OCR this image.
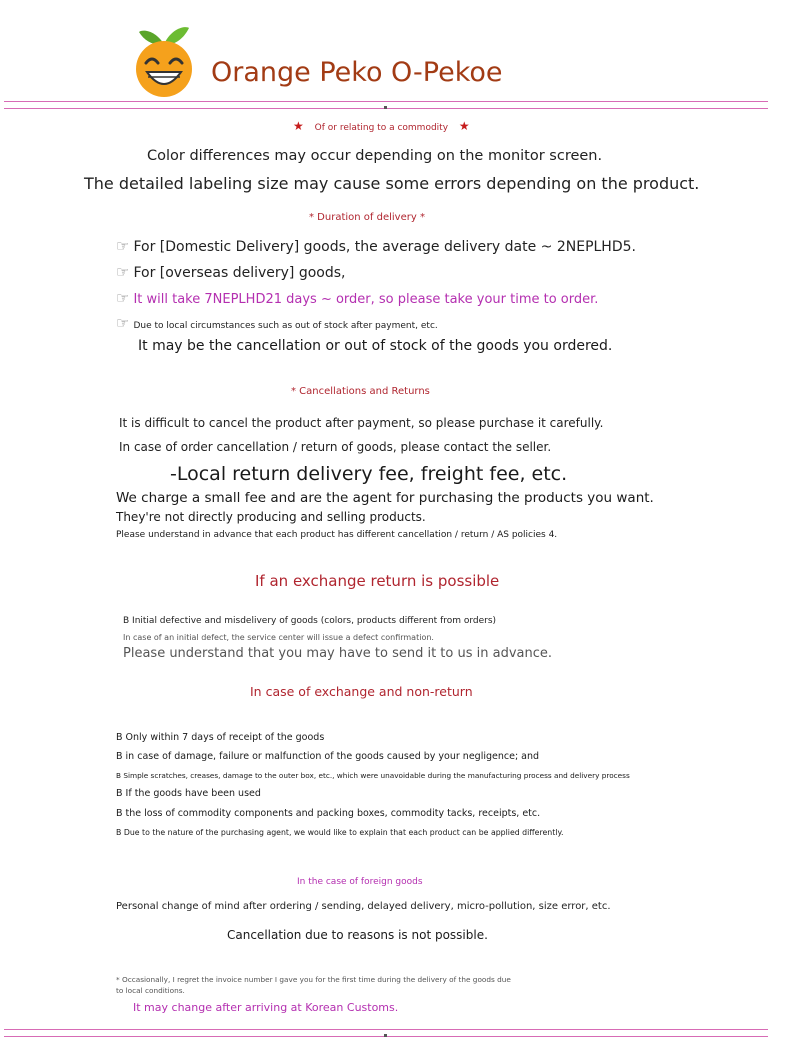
Orange Peko O-Pekoe
★ Of or relating to a commodity ★
Color differences may occur depending on the monitor screen.
The detailed labeling size may cause some errors depending on the product.
* Duration of delivery *
☞ For [Domestic Delivery] goods, the average delivery date ~ 2NEPLHD5.
☞ For [overseas delivery] goods,
☞ It will take 7NEPLHD21 days ~ order, so please take your time to order.
☞ Due to local circumstances such as out of stock after payment, etc.
It may be the cancellation or out of stock of the goods you ordered.
* Cancellations and Returns
It is difficult to cancel the product after payment, so please purchase it carefully.
In case of order cancellation / return of goods, please contact the seller.
-Local return delivery fee, freight fee, etc.
We charge a small fee and are the agent for purchasing the products you want.
They're not directly producing and selling products.
Please understand in advance that each product has different cancellation / return / AS policies 4.
If an exchange return is possible
B Initial defective and misdelivery of goods (colors, products different from orders)
In case of an initial defect, the service center will issue a defect confirmation.
Please understand that you may have to send it to us in advance.
In case of exchange and non-return
B Only within 7 days of receipt of the goods
B in case of damage, failure or malfunction of the goods caused by your negligence; and
B Simple scratches, creases, damage to the outer box, etc., which were unavoidable during the manufacturing process and delivery process
B If the goods have been used
B the loss of commodity components and packing boxes, commodity tacks, receipts, etc.
B Due to the nature of the purchasing agent, we would like to explain that each product can be applied differently.
In the case of foreign goods
Personal change of mind after ordering / sending, delayed delivery, micro-pollution, size error, etc.
Cancellation due to reasons is not possible.
* Occasionally, I regret the invoice number I gave you for the first time during the delivery of the goods due
to local conditions.
It may change after arriving at Korean Customs.
